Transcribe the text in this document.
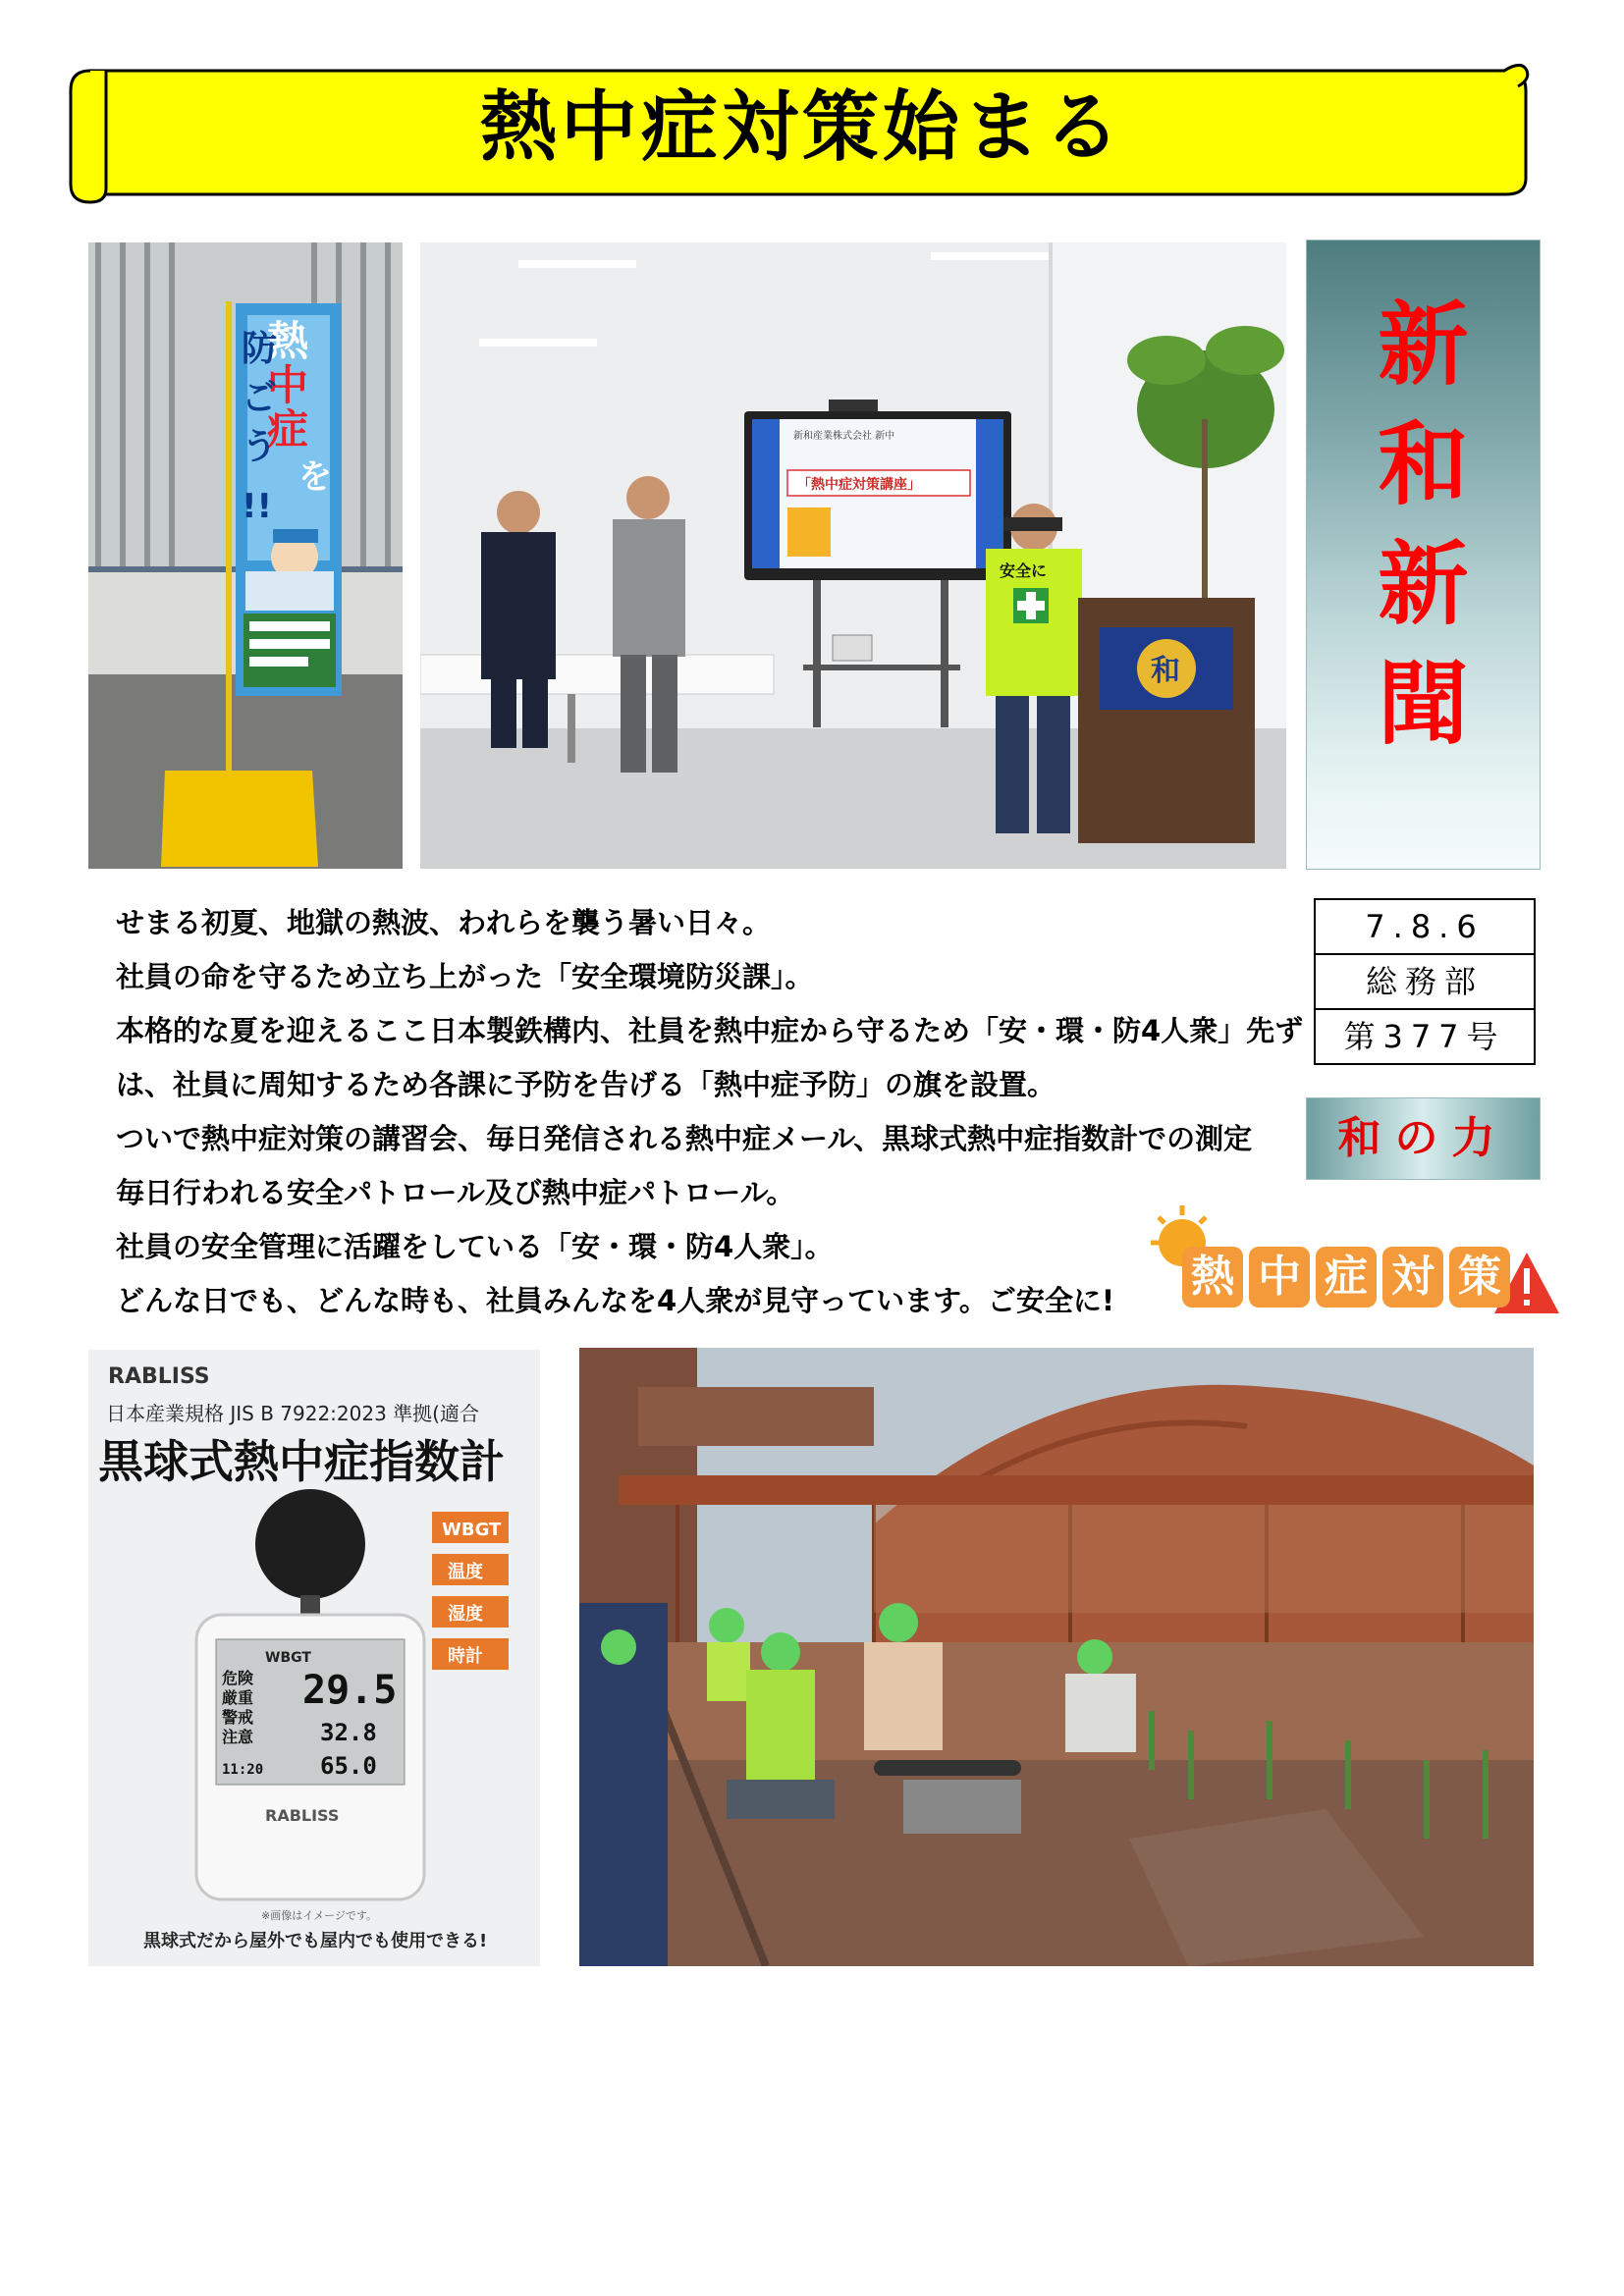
熱中症対策始まる
熱
中
症
を
防
ご
う
!!
新和産業株式会社 新中
「熱中症対策講座」
安全に
和
新
和
新
聞
7.8.6
総務部
第377号
和の力

せまる初夏、地獄の熱波、われらを襲う暑い日々。

社員の命を守るため立ち上がった「安全環境防災課」。

本格的な夏を迎えるここ日本製鉄構内、社員を熱中症から守るため「安・環・防4人衆」先ず

は、社員に周知するため各課に予防を告げる「熱中症予防」の旗を設置。

ついで熱中症対策の講習会、毎日発信される熱中症メール、黒球式熱中症指数計での測定

毎日行われる安全パトロール及び熱中症パトロール。

社員の安全管理に活躍をしている「安・環・防4人衆」。

どんな日でも、どんな時も、社員みんなを4人衆が見守っています。ご安全に!	熱 中 症 対 策
RABLISS
日本産業規格 JIS B 7922:2023 準拠(適合
黒球式熱中症指数計
WBGT
温度
湿度
時計
WBGT
危険
厳重
警戒
注意
29.5
32.8
65.0
11:20
RABLISS
※画像はイメージです。
黒球式だから屋外でも屋内でも使用できる!
